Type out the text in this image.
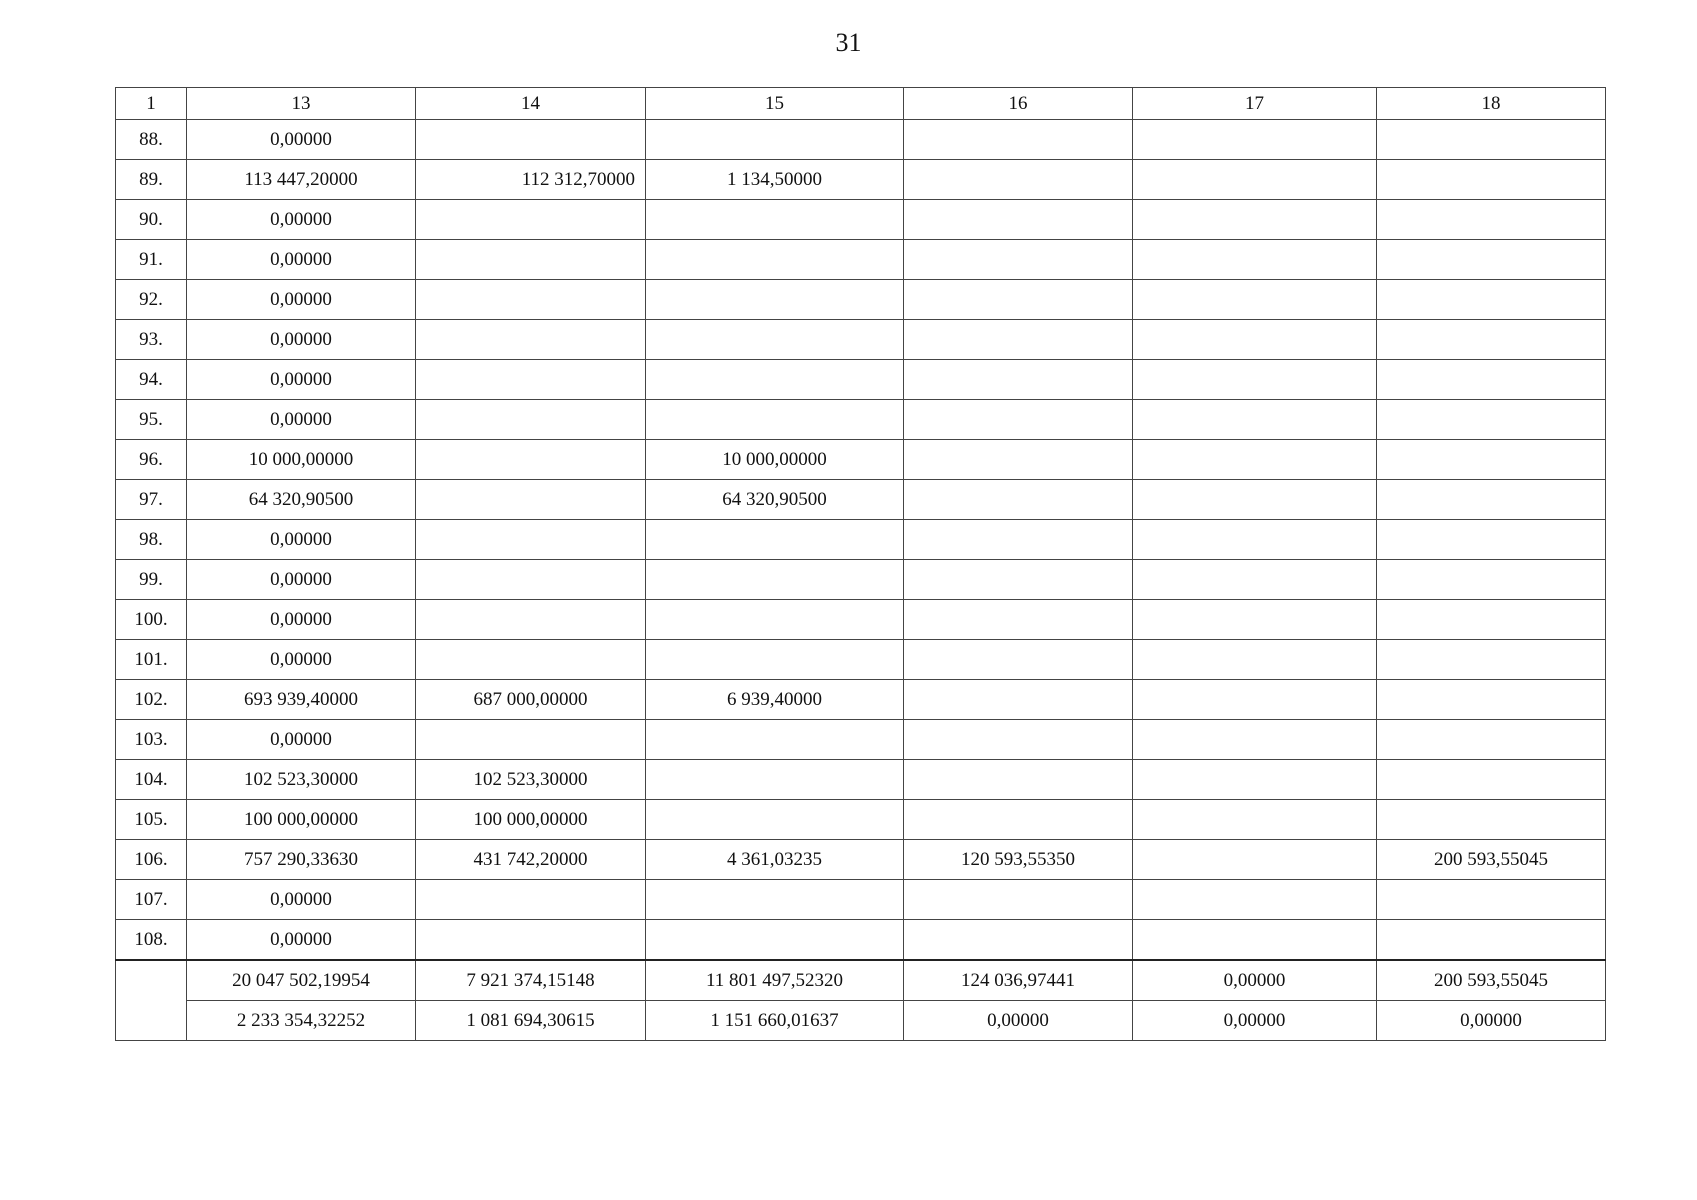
31
1	13	14	15	16	17	18
88.	0,00000					
89.	113 447,20000	112 312,70000	1 134,50000			
90.	0,00000					
91.	0,00000					
92.	0,00000					
93.	0,00000					
94.	0,00000					
95.	0,00000					
96.	10 000,00000		10 000,00000			
97.	64 320,90500		64 320,90500			
98.	0,00000					
99.	0,00000					
100.	0,00000					
101.	0,00000					
102.	693 939,40000	687 000,00000	6 939,40000			
103.	0,00000					
104.	102 523,30000	102 523,30000				
105.	100 000,00000	100 000,00000				
106.	757 290,33630	431 742,20000	4 361,03235	120 593,55350		200 593,55045
107.	0,00000					
108.	0,00000					
	20 047 502,19954	7 921 374,15148	11 801 497,52320	124 036,97441	0,00000	200 593,55045
	2 233 354,32252	1 081 694,30615	1 151 660,01637	0,00000	0,00000	0,00000
